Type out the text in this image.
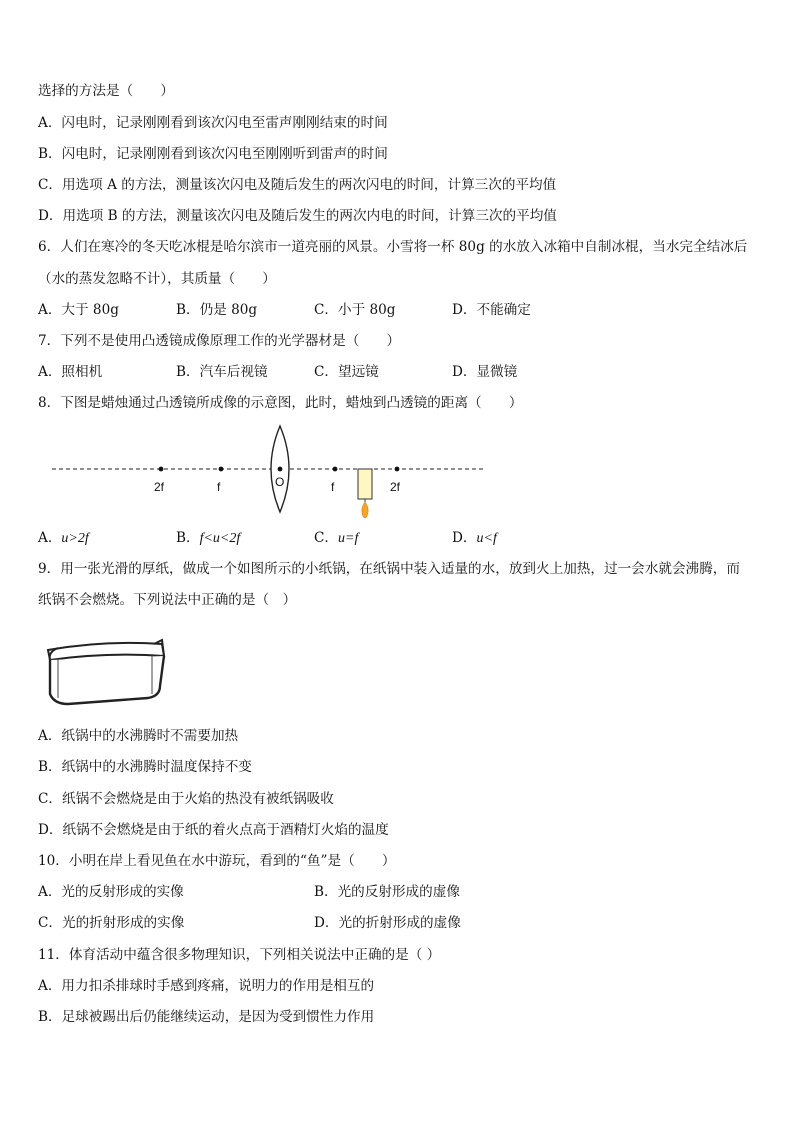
选择的方法是（　　）
A．闪电时，记录刚刚看到该次闪电至雷声刚刚结束的时间
B．闪电时，记录刚刚看到该次闪电至刚刚听到雷声的时间
C．用选项 A 的方法，测量该次闪电及随后发生的两次闪电的时间，计算三次的平均值
D．用选项 B 的方法，测量该次闪电及随后发生的两次内电的时间，计算三次的平均值
6．人们在寒冷的冬天吃冰棍是哈尔滨市一道亮丽的风景。小雪将一杯 80g 的水放入冰箱中自制冰棍，当水完全结冰后
（水的蒸发忽略不计），其质量（　　）
A．大于 80g	B．仍是 80g	C．小于 80g	D．不能确定
7．下列不是使用凸透镜成像原理工作的光学器材是（　　）
A．照相机	B．汽车后视镜	C．望远镜	D．显微镜
8．下图是蜡烛通过凸透镜所成像的示意图，此时，蜡烛到凸透镜的距离（　　）
2f	f	O	f	2f
A．u>2f	B．f<u<2f	C．u=f	D．u<f
9．用一张光滑的厚纸，做成一个如图所示的小纸锅，在纸锅中装入适量的水，放到火上加热，过一会水就会沸腾，而
纸锅不会燃烧。下列说法中正确的是（　）
A．纸锅中的水沸腾时不需要加热
B．纸锅中的水沸腾时温度保持不变
C．纸锅不会燃烧是由于火焰的热没有被纸锅吸收
D．纸锅不会燃烧是由于纸的着火点高于酒精灯火焰的温度
10．小明在岸上看见鱼在水中游玩，看到的“鱼”是（　　）
A．光的反射形成的实像	B．光的反射形成的虚像
C．光的折射形成的实像	D．光的折射形成的虚像
11．体育活动中蕴含很多物理知识，下列相关说法中正确的是（ ）
A．用力扣杀排球时手感到疼痛，说明力的作用是相互的
B．足球被踢出后仍能继续运动，是因为受到惯性力作用
